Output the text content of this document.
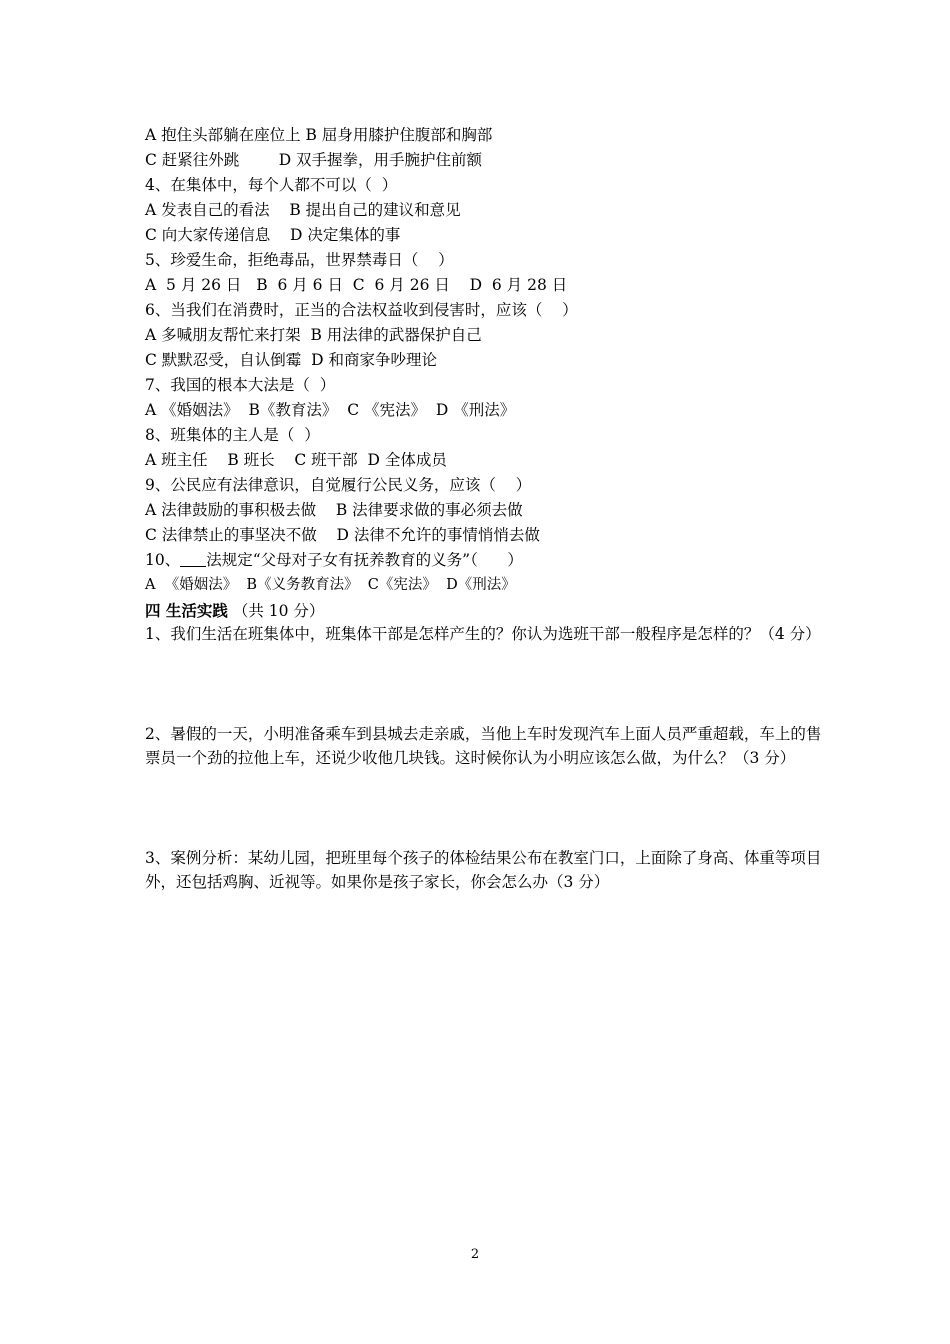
A 抱住头部躺在座位上 B 屈身用膝护住腹部和胸部
C 赶紧往外跳        D 双手握拳，用手腕护住前额
4、在集体中，每个人都不可以（  ）
A 发表自己的看法    B 提出自己的建议和意见
C 向大家传递信息    D 决定集体的事
5、珍爱生命，拒绝毒品，世界禁毒日（    ）
A  5 月 26 日   B  6 月 6 日  C  6 月 26 日    D  6 月 28 日
6、当我们在消费时，正当的合法权益收到侵害时，应该（    ）
A 多喊朋友帮忙来打架  B 用法律的武器保护自己
C 默默忍受，自认倒霉  D 和商家争吵理论
7、我国的根本大法是（  ）
A 《婚姻法》  B《教育法》  C 《宪法》  D 《刑法》
8、班集体的主人是（  ）
A 班主任    B 班长    C 班干部  D 全体成员
9、公民应有法律意识，自觉履行公民义务，应该（    ）
A 法律鼓励的事积极去做    B 法律要求做的事必须去做
C 法律禁止的事坚决不做    D 法律不允许的事情悄悄去做
10、 法规定“父母对子女有抚养教育的义务”（      ）
A  《婚姻法》  B《义务教育法》  C《宪法》  D《刑法》
四 生活实践 （共 10 分）
1、我们生活在班集体中，班集体干部是怎样产生的？你认为选班干部一般程序是怎样的？（4 分）
2、暑假的一天，小明准备乘车到县城去走亲戚，当他上车时发现汽车上面人员严重超载，车上的售票员一个劲的拉他上车，还说少收他几块钱。这时候你认为小明应该怎么做，为什么？（3 分）
3、案例分析：某幼儿园，把班里每个孩子的体检结果公布在教室门口，上面除了身高、体重等项目外，还包括鸡胸、近视等。如果你是孩子家长，你会怎么办（3 分）
2
